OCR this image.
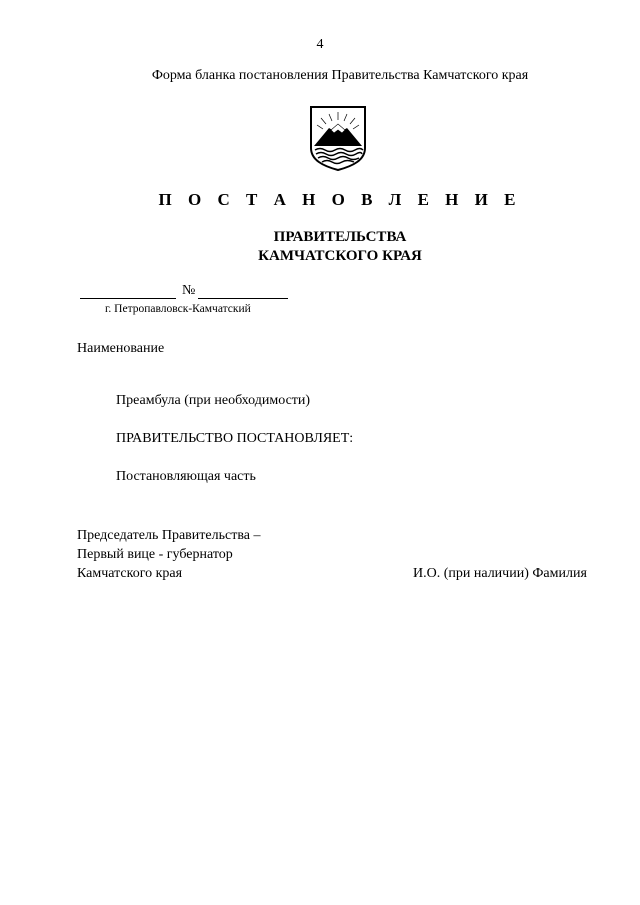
4
Форма бланка постановления Правительства Камчатского края
П О С Т А Н О В Л Е Н И Е
ПРАВИТЕЛЬСТВА
КАМЧАТСКОГО КРАЯ
№
г. Петропавловск-Камчатский
Наименование
Преамбула (при необходимости)
ПРАВИТЕЛЬСТВО ПОСТАНОВЛЯЕТ:
Постановляющая часть
Председатель Правительства –
Первый вице - губернатор
Камчатского края	И.О. (при наличии) Фамилия
